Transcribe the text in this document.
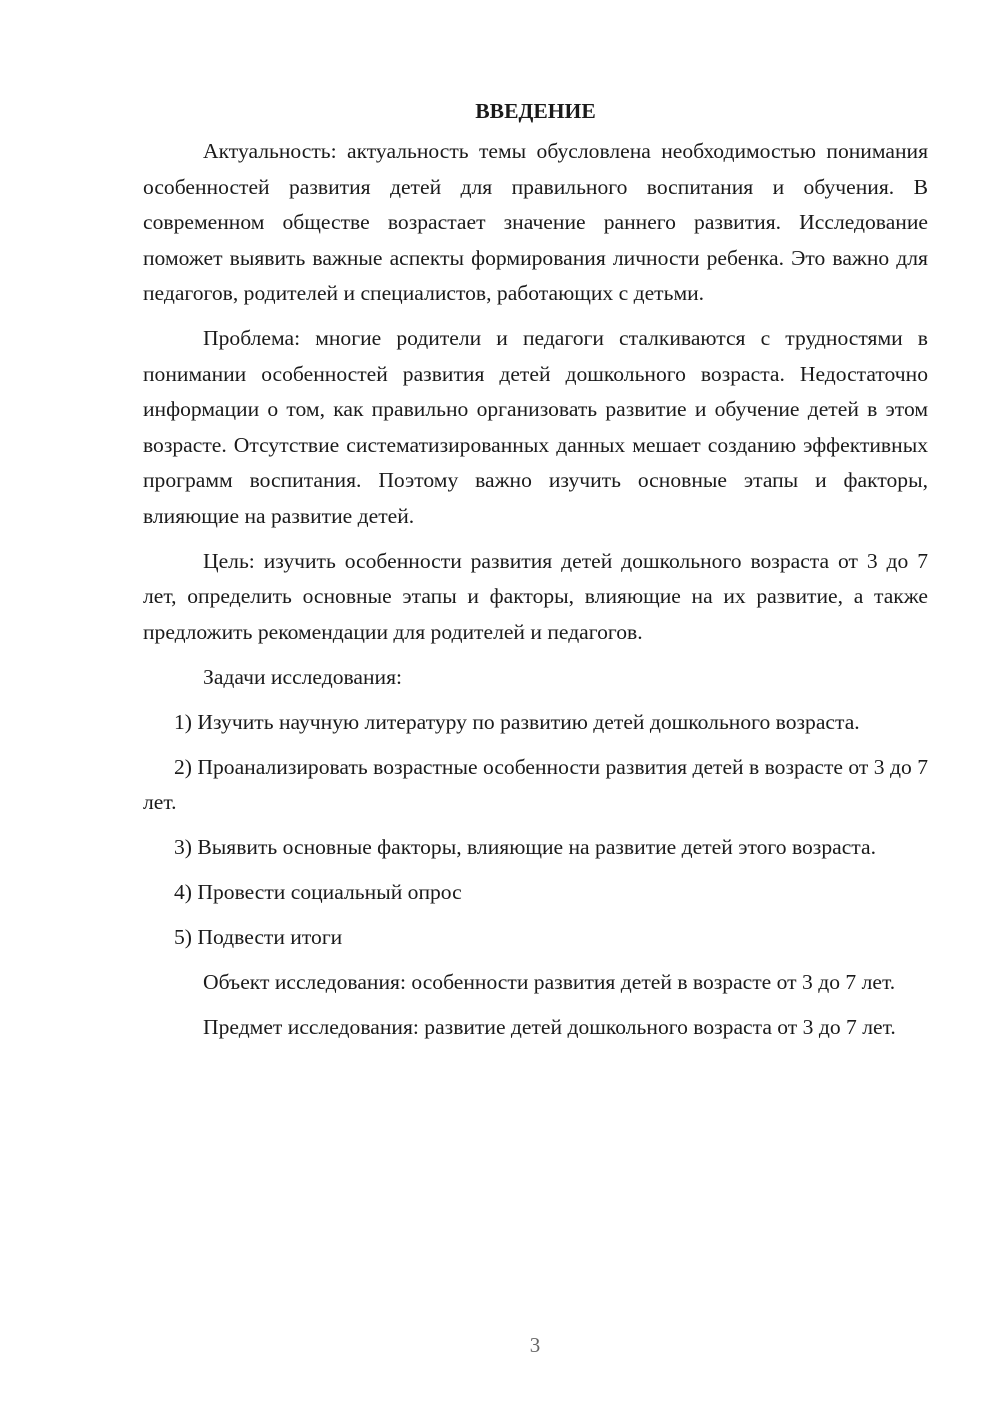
ВВЕДЕНИЕ

Актуальность: актуальность темы обусловлена необходимостью понимания особенностей развития детей для правильного воспитания и обучения. В современном обществе возрастает значение раннего развития. Исследование поможет выявить важные аспекты формирования личности ребенка. Это важно для педагогов, родителей и специалистов, работающих с детьми.

Проблема: многие родители и педагоги сталкиваются с трудностями в понимании особенностей развития детей дошкольного возраста. Недостаточно информации о том, как правильно организовать развитие и обучение детей в этом возрасте. Отсутствие систематизированных данных мешает созданию эффективных программ воспитания. Поэтому важно изучить основные этапы и факторы, влияющие на развитие детей.

Цель: изучить особенности развития детей дошкольного возраста от 3 до 7 лет, определить основные этапы и факторы, влияющие на их развитие, а также предложить рекомендации для родителей и педагогов.

Задачи исследования:

1) Изучить научную литературу по развитию детей дошкольного возраста.

2) Проанализировать возрастные особенности развития детей в возрасте от 3 до 7 лет.

3) Выявить основные факторы, влияющие на развитие детей этого возраста.

4) Провести социальный опрос

5) Подвести итоги

Объект исследования: особенности развития детей в возрасте от 3 до 7 лет.

Предмет исследования: развитие детей дошкольного возраста от 3 до 7 лет.

3
